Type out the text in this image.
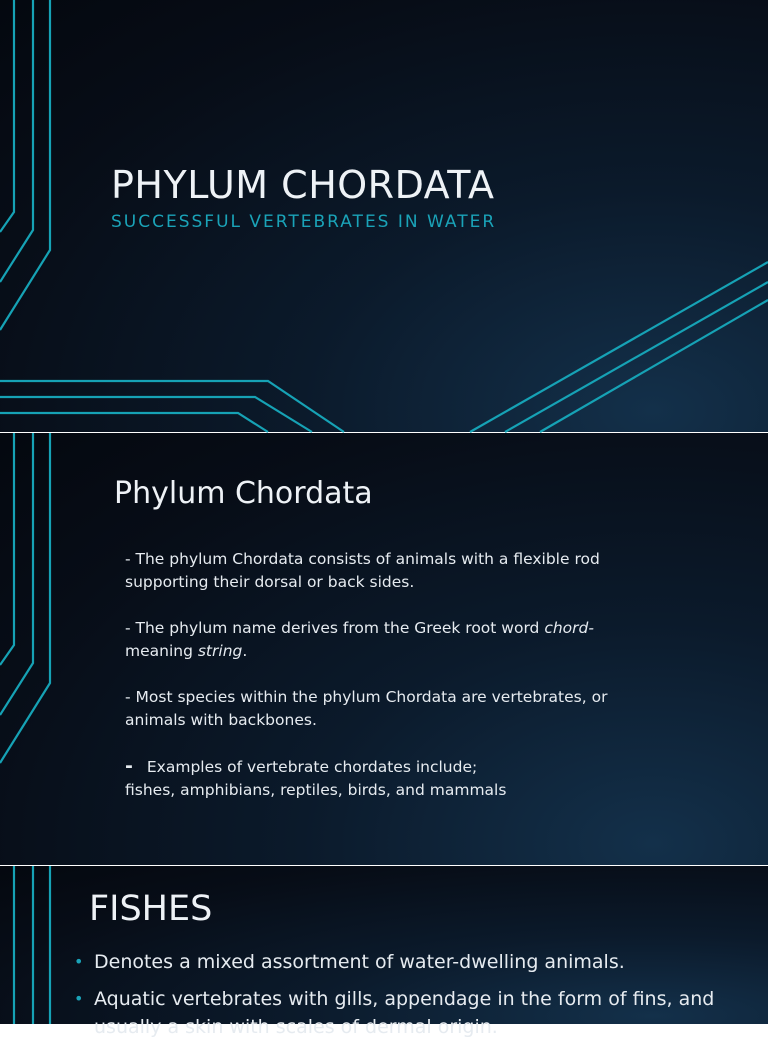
PHYLUM CHORDATA
SUCCESSFUL VERTEBRATES IN WATER
Phylum Chordata

- The phylum Chordata consists of animals with a flexible rod supporting their dorsal or back sides.

- The phylum name derives from the Greek root word chord-
meaning string.

- Most species within the phylum Chordata are vertebrates, or animals with backbones.

- Examples of vertebrate chordates include;
fishes, amphibians, reptiles, birds, and mammals

FISHES

• Denotes a mixed assortment of water-dwelling animals.

• Aquatic vertebrates with gills, appendage in the form of fins, and usually a skin with scales of dermal origin.
